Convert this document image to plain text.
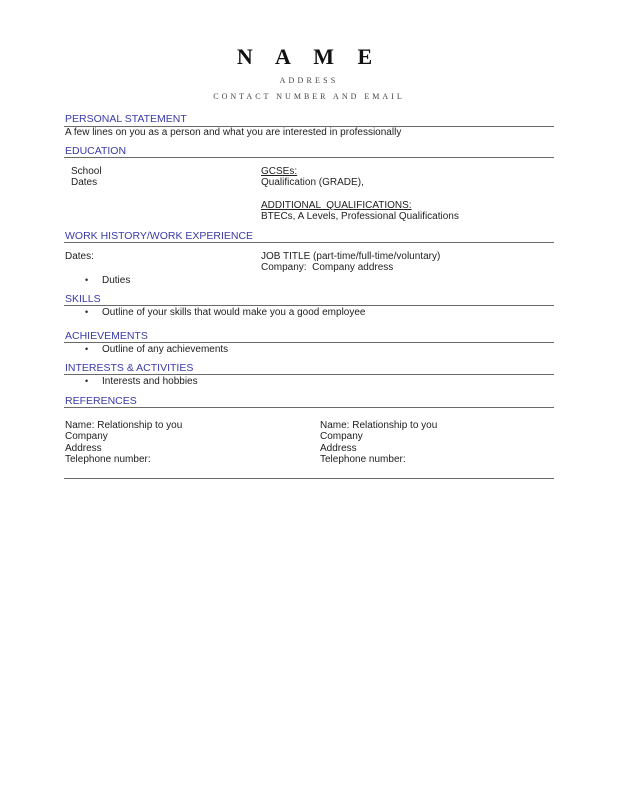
N A M E
ADDRESS
CONTACT NUMBER AND EMAIL
PERSONAL STATEMENT
A few lines on you as a person and what you are interested in professionally
EDUCATION
School
Dates
GCSEs:
Qualification (GRADE),
ADDITIONAL  QUALIFICATIONS:
BTECs, A Levels, Professional Qualifications
WORK HISTORY/WORK EXPERIENCE
Dates:	JOB TITLE (part-time/full-time/voluntary)
Company:  Company address
• Duties
SKILLS
• Outline of your skills that would make you a good employee
ACHIEVEMENTS
• Outline of any achievements
INTERESTS & ACTIVITIES
• Interests and hobbies
REFERENCES
Name: Relationship to you
Company
Address
Telephone number:
Name: Relationship to you
Company
Address
Telephone number:
